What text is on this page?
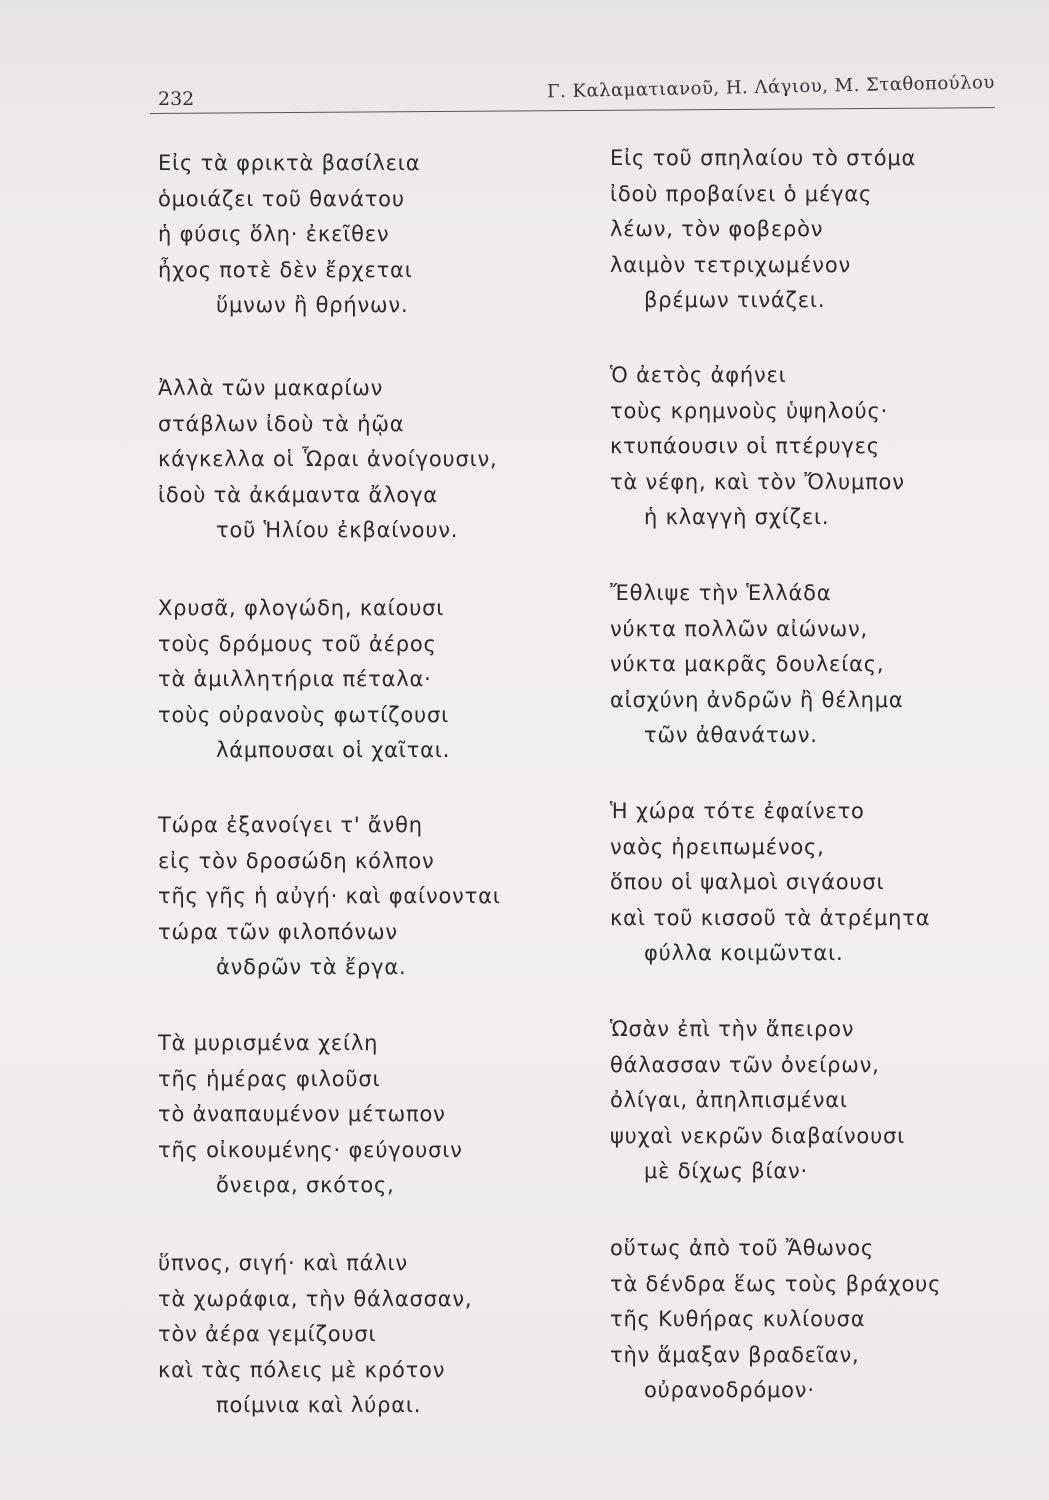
232	Γ. Καλαματιανοῦ, Η. Λάγιου, Μ. Σταθοπούλου
Εἰς τὰ φρικτὰ βασίλεια
ὁμοιάζει τοῦ θανάτου
ἡ φύσις ὅλη· ἐκεῖθεν
ἦχος ποτὲ δὲν ἔρχεται
ὕμνων ἢ θρήνων.
Ἀλλὰ τῶν μακαρίων
στάβλων ἰδοὺ τὰ ἠῷα
κάγκελλα οἱ Ὧραι ἀνοίγουσιν,
ἰδοὺ τὰ ἀκάμαντα ἄλογα
τοῦ Ἡλίου ἐκβαίνουν.
Χρυσᾶ, φλογώδη, καίουσι
τοὺς δρόμους τοῦ ἀέρος
τὰ ἁμιλλητήρια πέταλα·
τοὺς οὐρανοὺς φωτίζουσι
λάμπουσαι οἱ χαῖται.
Τώρα ἐξανοίγει τ' ἄνθη
εἰς τὸν δροσώδη κόλπον
τῆς γῆς ἡ αὐγή· καὶ φαίνονται
τώρα τῶν φιλοπόνων
ἀνδρῶν τὰ ἔργα.
Τὰ μυρισμένα χείλη
τῆς ἡμέρας φιλοῦσι
τὸ ἀναπαυμένον μέτωπον
τῆς οἰκουμένης· φεύγουσιν
ὄνειρα, σκότος,
ὕπνος, σιγή· καὶ πάλιν
τὰ χωράφια, τὴν θάλασσαν,
τὸν ἀέρα γεμίζουσι
καὶ τὰς πόλεις μὲ κρότον
ποίμνια καὶ λύραι.
Εἰς τοῦ σπηλαίου τὸ στόμα
ἰδοὺ προβαίνει ὁ μέγας
λέων, τὸν φοβερὸν
λαιμὸν τετριχωμένον
βρέμων τινάζει.
Ὁ ἀετὸς ἀφήνει
τοὺς κρημνοὺς ὑψηλούς·
κτυπάουσιν οἱ πτέρυγες
τὰ νέφη, καὶ τὸν Ὄλυμπον
ἡ κλαγγὴ σχίζει.
Ἔθλιψε τὴν Ἑλλάδα
νύκτα πολλῶν αἰώνων,
νύκτα μακρᾶς δουλείας,
αἰσχύνη ἀνδρῶν ἢ θέλημα
τῶν ἀθανάτων.
Ἡ χώρα τότε ἐφαίνετο
ναὸς ἠρειπωμένος,
ὅπου οἱ ψαλμοὶ σιγάουσι
καὶ τοῦ κισσοῦ τὰ ἀτρέμητα
φύλλα κοιμῶνται.
Ὡσὰν ἐπὶ τὴν ἄπειρον
θάλασσαν τῶν ὀνείρων,
ὀλίγαι, ἀπηλπισμέναι
ψυχαὶ νεκρῶν διαβαίνουσι
μὲ δίχως βίαν·
οὕτως ἀπὸ τοῦ Ἄθωνος
τὰ δένδρα ἕως τοὺς βράχους
τῆς Κυθήρας κυλίουσα
τὴν ἅμαξαν βραδεῖαν,
οὐρανοδρόμον·
